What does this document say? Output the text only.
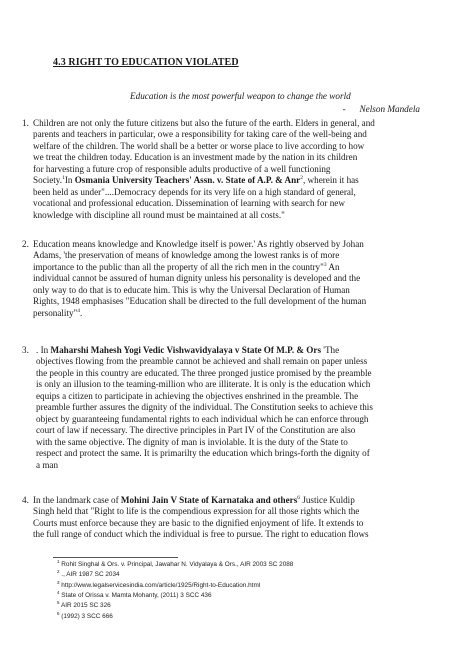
4.3 RIGHT TO EDUCATION VIOLATED
Education is the most powerful weapon to change the world
-      Nelson Mandela
1. Children are not only the future citizens but also the future of the earth. Elders in general, and
parents and teachers in particular, owe a responsibility for taking care of the well-being and
welfare of the children. The world shall be a better or worse place to live according to how
we treat the children today. Education is an investment made by the nation in its children
for harvesting a future crop of responsible adults productive of a well functioning
Society.$^1$In Osmania University Teachers' Assn. v. State of A.P. & Anr$^2$, wherein it has
been held as under"....Democracy depends for its very life on a high standard of general,
vocational and professional education. Dissemination of learning with search for new
knowledge with discipline all round must be maintained at all costs."
2. Education means knowledge and Knowledge itself is power.' As rightly observed by Johan
Adams, 'the preservation of means of knowledge among the lowest ranks is of more
importance to the public than all the property of all the rich men in the country"$^3$ An
individual cannot be assured of human dignity unless his personality is developed and the
only way to do that is to educate him. This is why the Universal Declaration of Human
Rights, 1948 emphasises "Education shall be directed to the full development of the human
personality"$^4$.
3. . In Maharshi Mahesh Yogi Vedic Vishwavidyalaya v State Of M.P. & Ors 'The
objectives flowing from the preamble cannot be achieved and shall remain on paper unless
the people in this country are educated. The three pronged justice promised by the preamble
is only an illusion to the teaming-million who are illiterate. It is only is the education which
equips a citizen to participate in achieving the objectives enshrined in the preamble. The
preamble further assures the dignity of the individual. The Constitution seeks to achieve this
object by guaranteeing fundamental rights to each individual which he can enforce through
court of law if necessary. The directive principles in Part IV of the Constitution are also
with the same objective. The dignity of man is inviolable. It is the duty of the State to
respect and protect the same. It is primarilty the education which brings-forth the dignity of
a man
4. In the landmark case of Mohini Jain V State of Karnataka and others$^6$ Justice Kuldip
Singh held that "Right to life is the compendious expression for all those rights which the
Courts must enforce because they are basic to the dignified enjoyment of life. It extends to
the full range of conduct which the individual is free to pursue. The right to education flows
$^1$ Rohit Singhal & Ors. v. Principal, Jawahar N. Vidyalaya & Ors., AIR 2003 SC 2088
$^2$ ., AIR 1987 SC 2034
$^3$ http://www.legalservicesindia.com/article/1925/Right-to-Education.html
$^4$ State of Orissa v. Mamta Mohanty, (2011) 3 SCC 436
$^5$ AIR 2015 SC 326
$^6$ (1992) 3 SCC 666
